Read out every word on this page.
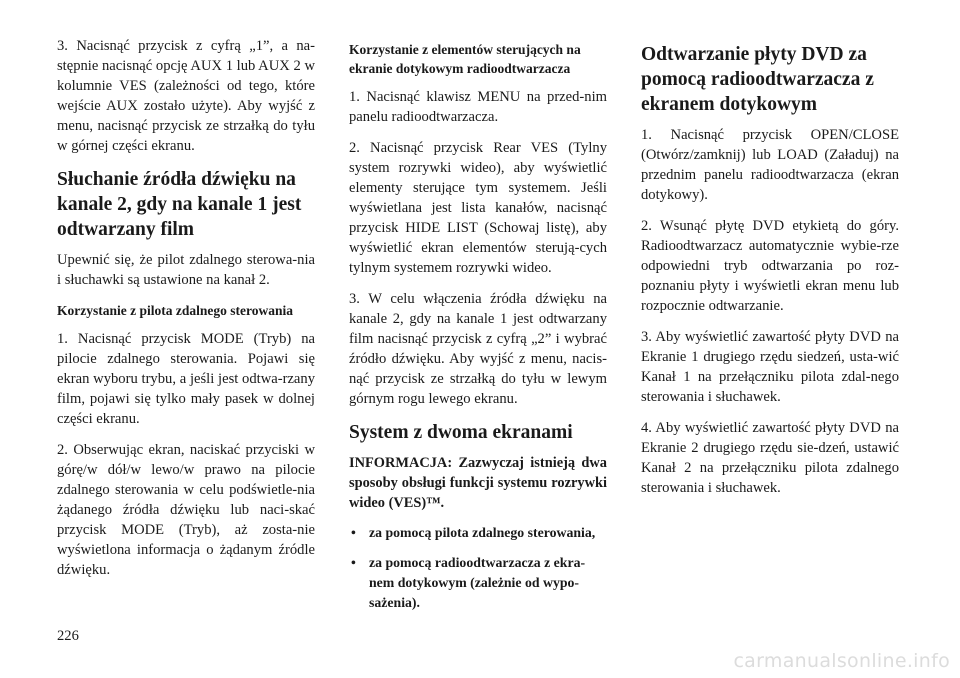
3. Nacisnąć przycisk z cyfrą „1”, a na-stępnie nacisnąć opcję AUX 1 lub AUX 2 w kolumnie VES (zależności od tego, które wejście AUX zostało użyte). Aby wyjść z menu, nacisnąć przycisk ze strzałką do tyłu w górnej części ekranu.

Słuchanie źródła dźwięku na kanale 2, gdy na kanale 1 jest odtwarzany film

Upewnić się, że pilot zdalnego sterowa-nia i słuchawki są ustawione na kanał 2.

Korzystanie z pilota zdalnego sterowania

1. Nacisnąć przycisk MODE (Tryb) na pilocie zdalnego sterowania. Pojawi się ekran wyboru trybu, a jeśli jest odtwa-rzany film, pojawi się tylko mały pasek w dolnej części ekranu.

2. Obserwując ekran, naciskać przyciski w górę/w dół/w lewo/w prawo na pilocie zdalnego sterowania w celu podświetle-nia żądanego źródła dźwięku lub naci-skać przycisk MODE (Tryb), aż zosta-nie wyświetlona informacja o żądanym źródle dźwięku.

Korzystanie z elementów sterujących na ekranie dotykowym radioodtwarzacza

1. Nacisnąć klawisz MENU na przed-nim panelu radioodtwarzacza.

2. Nacisnąć przycisk Rear VES (Tylny system rozrywki wideo), aby wyświetlić elementy sterujące tym systemem. Jeśli wyświetlana jest lista kanałów, nacisnąć przycisk HIDE LIST (Schowaj listę), aby wyświetlić ekran elementów sterują-cych tylnym systemem rozrywki wideo.

3. W celu włączenia źródła dźwięku na kanale 2, gdy na kanale 1 jest odtwarzany film nacisnąć przycisk z cyfrą „2” i wybrać źródło dźwięku. Aby wyjść z menu, nacis-nąć przycisk ze strzałką do tyłu w lewym górnym rogu lewego ekranu.

System z dwoma ekranami
INFORMACJA: Zazwyczaj istnieją dwa sposoby obsługi funkcji systemu rozrywki wideo (VES)™.
• za pomocą pilota zdalnego sterowania,
• za pomocą radioodtwarzacza z ekra-nem dotykowym (zależnie od wypo-sażenia).
Odtwarzanie płyty DVD za pomocą radioodtwarzacza z ekranem dotykowym

1. Nacisnąć przycisk OPEN/CLOSE (Otwórz/zamknij) lub LOAD (Załaduj) na przednim panelu radioodtwarzacza (ekran dotykowy).

2. Wsunąć płytę DVD etykietą do góry. Radioodtwarzacz automatycznie wybie-rze odpowiedni tryb odtwarzania po roz-poznaniu płyty i wyświetli ekran menu lub rozpocznie odtwarzanie.

3. Aby wyświetlić zawartość płyty DVD na Ekranie 1 drugiego rzędu siedzeń, usta-wić Kanał 1 na przełączniku pilota zdal-nego sterowania i słuchawek.

4. Aby wyświetlić zawartość płyty DVD na Ekranie 2 drugiego rzędu sie-dzeń, ustawić Kanał 2 na przełączniku pilota zdalnego sterowania i słuchawek.

226
carmanualsonline.info
